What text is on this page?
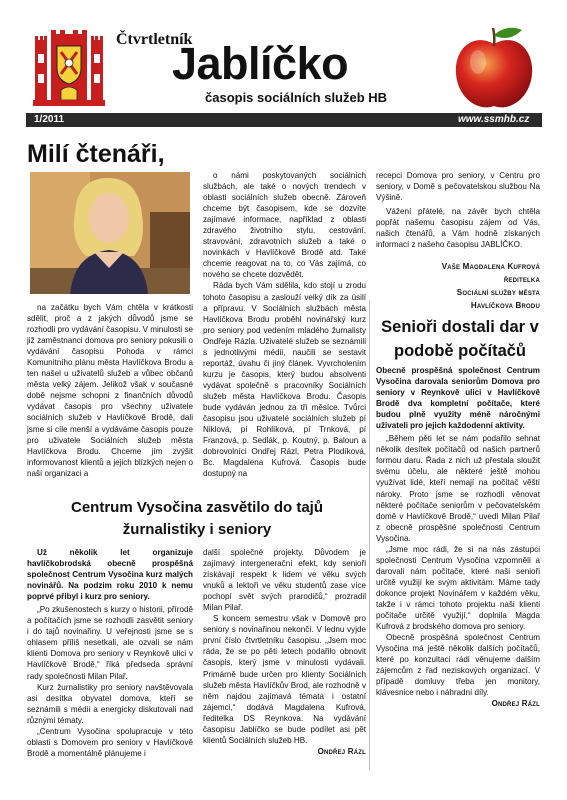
Čtvrtletník
Jablíčko
časopis sociálních služeb HB
1/2011	www.ssmhb.cz
Milí čtenáři,

na začátku bych Vám chtěla v krátkosti sdělit, proč a z jakých důvodů jsme se rozhodli pro vydávání časopisu. V minulosti se již zaměstnanci domova pro seniory pokusili o vydávání časopisu Pohoda v rámci Komunitního plánu města Havlíčkova Brodu a ten našel u uživatelů služeb a vůbec občanů města velký zájem. Jelikož však v současné době nejsme schopni z finančních důvodů vydávat časopis pro všechny uživatele sociálních služeb v Havlíčkově Brodě, dali jsme si cíle menší a vydáváme časopis pouze pro uživatele Sociálních služeb města Havlíčkova Brodu. Chceme jím zvýšit informovanost klientů a jejich blízkých nejen o naší organizaci a

o námi poskytovaných sociálních službách, ale také o nových trendech v oblasti sociálních služeb obecně. Zároveň chceme být časopisem, kde se dozvíte zajímavé informace, například z oblasti zdravého životního stylu, cestování, stravování, zdravotních služeb a také o novinkách v Havlíčkově Brodě atd. Také chceme reagovat na to, co Vás zajímá, co nového se chcete dozvědět.

Ráda bych Vám sdělila, kdo stojí u zrodu tohoto časopisu a zaslouží velký dík za úsilí a přípravu. V Sociálních službách města Havlíčkova Brodu proběhl novinářský kurz pro seniory pod vedením mladého žurnalisty Ondřeje Rázla. Uživatelé služeb se seznámili s jednotlivými médii, naučili se sestavit reportáž, úvahu či jiný článek. Vyvrcholením kurzu je časopis, který budou absolventi vydávat společně s pracovníky Sociálních služeb města Havlíčkova Brodu. Časopis bude vydáván jednou za tři měsíce. Tvůrci časopisu jsou uživatelé sociálních služeb pí Niklová, pí Rohlíková, pí Trnková, pí Franzová, p. Sedlák, p. Koutný, p. Baloun a dobrovolníci Ondřej Rázl, Petra Plodíková, Bc. Magdalena Kufrová. Časopis bude dostupný na

recepci Domova pro seniory, v Centru pro seniory, v Domě s pečovatelskou službou Na Výšině.

Vážení přátelé, na závěr bych chtěla popřát našemu časopisu zájem od Vás, našich čtenářů, a Vám hodně získaných informací z našeho časopisu JABLÍČKO.

Vaše Magdalena Kufrová
ředitelka
Sociální služby města
Havlíčkova Brodu
Senioři dostali dar v podobě počítačů

Obecně prospěšná společnost Centrum Vysočina darovala seniorům Domova pro seniory v Reynkově ulici v Havlíčkově Brodě dva kompletní počítače, které budou plně využity méně náročnými uživateli pro jejich každodenní aktivity.

„Během pěti let se nám podařilo sehnat několik desítek počítačů od našich partnerů formou daru. Řada z nich už přestala sloužit svému účelu, ale některé ještě mohou využívat lidé, kteří nemají na počítač věští nároky. Proto jsme se rozhodli věnovat některé počítače seniorům v pečovatelském domě v Havlíčkově Brodě,“ uvedl Milan Pilař z obecně prospěšné společnosti Centrum Vysočina.

„Jsme moc rádi, že si na nás zástupci společnosti Centrum Vysočina vzpomněli a darovali nám počítače, které naši senioři určitě využijí ke svým aktivitám. Máme tady dokonce projekt Novinářem v každém věku, takže i v rámci tohoto projektu naši klienti počítače určitě využijí,“ doplnila Magda Kufrová z brodského domova pro seniory.

Obecně prospěšná společnost Centrum Vysočina má ještě několik dalších počítačů, které po konzultaci rádi věnujeme dalším zájemcům z řad neziskových organizací. V případě domluvy třeba jen monitory, klávesnice nebo i náhradní díly.

Ondřej Rázl
Centrum Vysočina zasvětilo do tajů
žurnalistiky i seniory

Už několik let organizuje havlíčkobrodská obecně prospěšná společnost Centrum Vysočina kurz malých novinářů. Na podzim roku 2010 k nemu poprvé přibyl i kurz pro seniory.

„Po zkušenostech s kurzy o historii, přírodě a počítačích jsme se rozhodli zasvětit seniory i do tajů novinařiny. U veřejnosti jsme se s ohlasem příliš nesetkali, ale ozvali se nám klienti Domova pro seniory v Reynkově ulici v Havlíčkově Brodě,“ říká předseda správní rady společnosti Milan Pilař.

Kurz žurnalistiky pro seniory navštěvovala asi desítka obyvatel domova, kteří se seznámili s médii a energicky diskutovali nad různými tématy.

„Centrum Vysočina spolupracuje v této oblasti s Domovem pro seniory v Havlíčkově Brodě a momentálně plánujeme i

další společné projekty. Důvodem je zajímavý intergenerační efekt, kdy senioři získávají respekt k lidem ve věku svých vnuků a lektoři ve věku studentů zase více pochopí svět svých prarodičů,“ prozradil Milan Pilař.

S koncem semestru však v Domově pro seniory s novinařinou nekončí. V lednu vyjde první číslo čtvrtletníku časopisu. „Jsem moc ráda, že se po pěti letech podařilo obnovit časopis, který jsme v minulosti vydávali. Primárně bude určen pro klienty Sociálních služeb města Havlíčkův Brod, ale rozhodně v něm najdou zajímavá témata i ostatní zájemci,“ dodává Magdalena Kufrová, ředitelka DS Reynkova. Na vydávání časopisu Jablíčko se bude podílet asi pět klientů Sociálních služeb HB.

Ondřej Rázl
